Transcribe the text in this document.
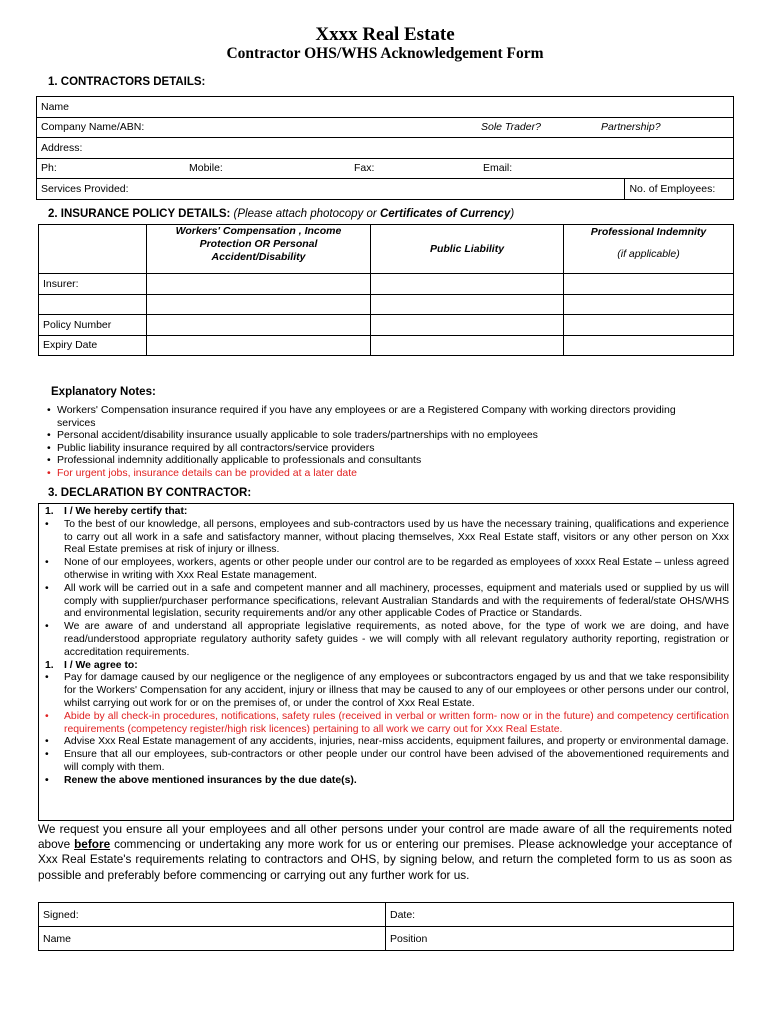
Xxxx Real Estate
Contractor OHS/WHS Acknowledgement Form
1. CONTRACTORS DETAILS:
Name
Company Name/ABN:	Sole Trader?	Partnership?

Address:
Ph:	Mobile:	Fax:	Email:

Services Provided:	No. of Employees:
2. INSURANCE POLICY DETAILS: (Please attach photocopy or Certificates of Currency)
	Workers' Compensation , Income Protection OR Personal Accident/Disability	Public Liability	Professional Indemnity
(if applicable)

Insurer:			

Policy Number			
Expiry Date			
Explanatory Notes:
• Workers' Compensation insurance required if you have any employees or are a Registered Company with working directors providing services
• Personal accident/disability insurance usually applicable to sole traders/partnerships with no employees
• Public liability insurance required by all contractors/service providers
• Professional indemnity additionally applicable to professionals and consultants
• For urgent jobs, insurance details can be provided at a later date
3. DECLARATION BY CONTRACTOR:
1. I / We hereby certify that:
• To the best of our knowledge, all persons, employees and sub-contractors used by us have the necessary training, qualifications and experience to carry out all work in a safe and satisfactory manner, without placing themselves, Xxx Real Estate staff, visitors or any other person on Xxx Real Estate premises at risk of injury or illness.
• None of our employees, workers, agents or other people under our control are to be regarded as employees of xxxx Real Estate – unless agreed otherwise in writing with Xxx Real Estate management.
• All work will be carried out in a safe and competent manner and all machinery, processes, equipment and materials used or supplied by us will comply with supplier/purchaser performance specifications, relevant Australian Standards and with the requirements of federal/state OHS/WHS and environmental legislation, security requirements and/or any other applicable Codes of Practice or Standards.
• We are aware of and understand all appropriate legislative requirements, as noted above, for the type of work we are doing, and have read/understood appropriate regulatory authority safety guides - we will comply with all relevant regulatory authority reporting, registration or accreditation requirements.
1. I / We agree to:
• Pay for damage caused by our negligence or the negligence of any employees or subcontractors engaged by us and that we take responsibility for the Workers' Compensation for any accident, injury or illness that may be caused to any of our employees or other persons under our control, whilst carrying out work for or on the premises of, or under the control of Xxx Real Estate.
• Abide by all check-in procedures, notifications, safety rules (received in verbal or written form- now or in the future) and competency certification requirements (competency register/high risk licences) pertaining to all work we carry out for Xxx Real Estate.
• Advise Xxx Real Estate management of any accidents, injuries, near-miss accidents, equipment failures, and property or environmental damage.
• Ensure that all our employees, sub-contractors or other people under our control have been advised of the abovementioned requirements and will comply with them.
• Renew the above mentioned insurances by the due date(s).
We request you ensure all your employees and all other persons under your control are made aware of all the requirements noted above before commencing or undertaking any more work for us or entering our premises. Please acknowledge your acceptance of Xxx Real Estate's requirements relating to contractors and OHS, by signing below, and return the completed form to us as soon as possible and preferably before commencing or carrying out any further work for us.
Signed:	Date:
Name	Position
